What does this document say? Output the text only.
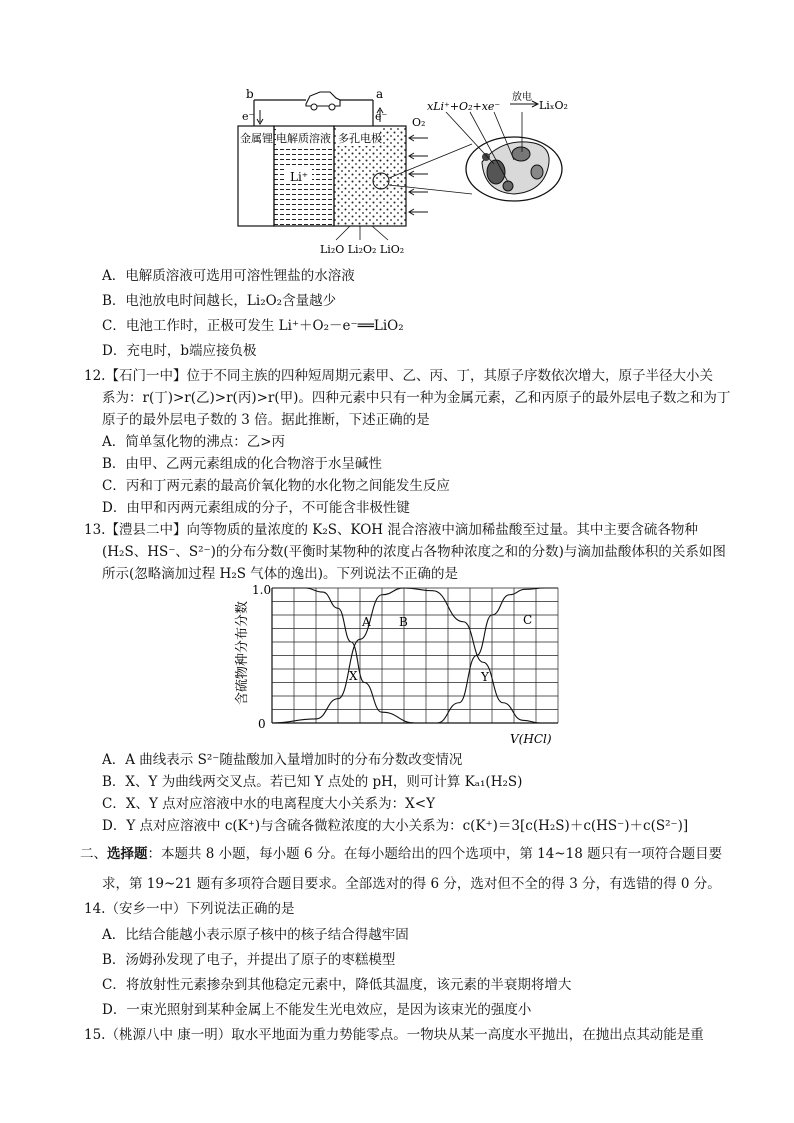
b	a
e⁻	e⁻
金属锂 电解质溶液 多孔电极
Li⁺
O₂
xLi⁺+O₂+xe⁻
放电
LiₓO₂
Li₂O Li₂O₂ LiO₂
A．电解质溶液可选用可溶性锂盐的水溶液
B．电池放电时间越长，Li₂O₂含量越少
C．电池工作时，正极可发生 Li⁺＋O₂－e⁻══LiO₂
D．充电时，b端应接负极
12.【石门一中】位于不同主族的四种短周期元素甲、乙、丙、丁，其原子序数依次增大，原子半径大小关
系为：r(丁)>r(乙)>r(丙)>r(甲)。四种元素中只有一种为金属元素，乙和丙原子的最外层电子数之和为丁
原子的最外层电子数的 3 倍。据此推断，下述正确的是
A．简单氢化物的沸点：乙>丙
B．由甲、乙两元素组成的化合物溶于水呈碱性
C．丙和丁两元素的最高价氧化物的水化物之间能发生反应
D．由甲和丙两元素组成的分子，不可能含非极性键
13.【澧县二中】向等物质的量浓度的 K₂S、KOH 混合溶液中滴加稀盐酸至过量。其中主要含硫各物种
(H₂S、HS⁻、S²⁻)的分布分数(平衡时某物种的浓度占各物种浓度之和的分数)与滴加盐酸体积的关系如图
所示(忽略滴加过程 H₂S 气体的逸出)。下列说法不正确的是
1.0
0
含硫物种分布分数
V(HCl)
A B	C
X	Y
A．A 曲线表示 S²⁻随盐酸加入量增加时的分布分数改变情况
B．X、Y 为曲线两交叉点。若已知 Y 点处的 pH，则可计算 Kₐ₁(H₂S)
C．X、Y 点对应溶液中水的电离程度大小关系为：X<Y
D．Y 点对应溶液中 c(K⁺)与含硫各微粒浓度的大小关系为：c(K⁺)＝3[c(H₂S)＋c(HS⁻)＋c(S²⁻)]
二、选择题：本题共 8 小题，每小题 6 分。在每小题给出的四个选项中，第 14~18 题只有一项符合题目要
求，第 19~21 题有多项符合题目要求。全部选对的得 6 分，选对但不全的得 3 分，有选错的得 0 分。
14.（安乡一中）下列说法正确的是
A．比结合能越小表示原子核中的核子结合得越牢固
B．汤姆孙发现了电子，并提出了原子的枣糕模型
C．将放射性元素掺杂到其他稳定元素中，降低其温度，该元素的半衰期将增大
D．一束光照射到某种金属上不能发生光电效应，是因为该束光的强度小
15.（桃源八中 康一明）取水平地面为重力势能零点。一物块从某一高度水平抛出，在抛出点其动能是重
